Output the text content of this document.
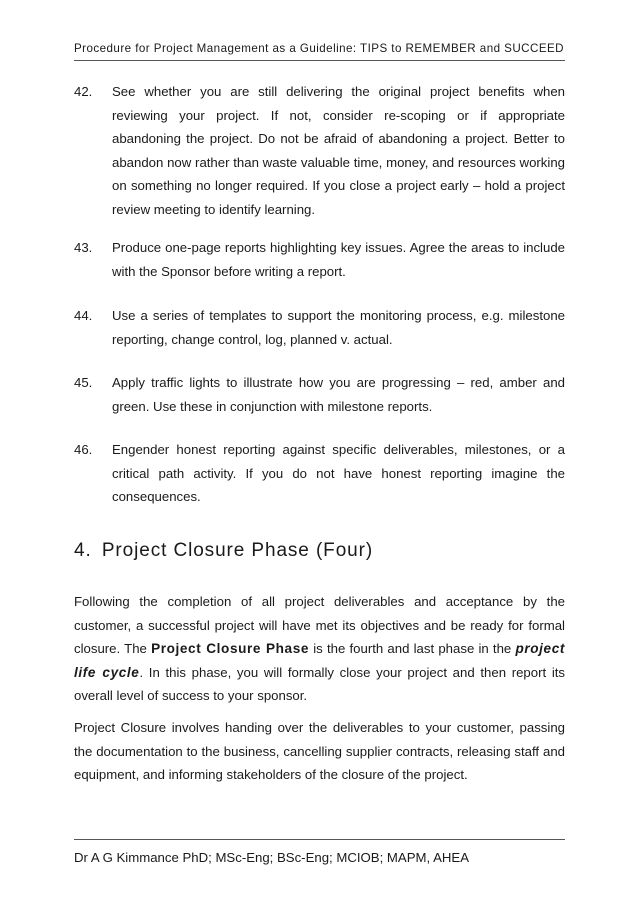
Procedure for Project Management as a Guideline: TIPS to REMEMBER and SUCCEED
42. See whether you are still delivering the original project benefits when reviewing your project. If not, consider re-scoping or if appropriate abandoning the project. Do not be afraid of abandoning a project. Better to abandon now rather than waste valuable time, money, and resources working on something no longer required. If you close a project early – hold a project review meeting to identify learning.
43. Produce one-page reports highlighting key issues. Agree the areas to include with the Sponsor before writing a report.
44. Use a series of templates to support the monitoring process, e.g. milestone reporting, change control, log, planned v. actual.
45. Apply traffic lights to illustrate how you are progressing – red, amber and green. Use these in conjunction with milestone reports.
46. Engender honest reporting against specific deliverables, milestones, or a critical path activity. If you do not have honest reporting imagine the consequences.
4. Project Closure Phase (Four)
Following the completion of all project deliverables and acceptance by the customer, a successful project will have met its objectives and be ready for formal closure. The Project Closure Phase is the fourth and last phase in the project life cycle. In this phase, you will formally close your project and then report its overall level of success to your sponsor.
Project Closure involves handing over the deliverables to your customer, passing the documentation to the business, cancelling supplier contracts, releasing staff and equipment, and informing stakeholders of the closure of the project.
Dr A G Kimmance PhD; MSc-Eng; BSc-Eng; MCIOB; MAPM, AHEA
